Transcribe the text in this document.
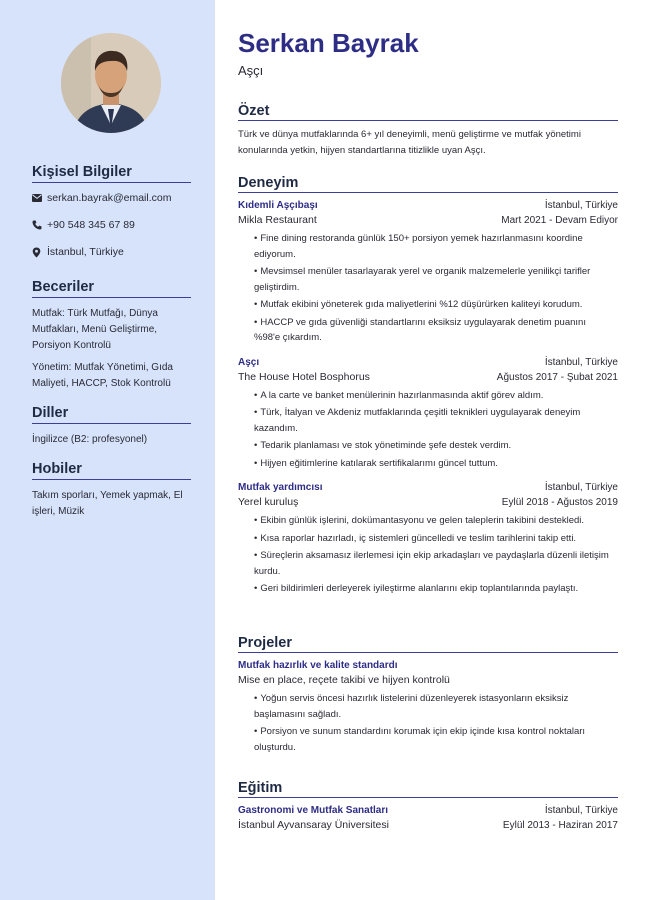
Kişisel Bilgiler
serkan.bayrak@email.com
+90 548 345 67 89
İstanbul, Türkiye
Beceriler
Mutfak: Türk Mutfağı, Dünya Mutfakları, Menü Geliştirme, Porsiyon Kontrolü
Yönetim: Mutfak Yönetimi, Gıda Maliyeti, HACCP, Stok Kontrolü
Diller
İngilizce (B2: profesyonel)
Hobiler
Takım sporları, Yemek yapmak, El işleri, Müzik
Serkan Bayrak
Aşçı
Özet
Türk ve dünya mutfaklarında 6+ yıl deneyimli, menü geliştirme ve mutfak yönetimi konularında yetkin, hijyen standartlarına titizlikle uyan Aşçı.
Deneyim
Kıdemli Aşçıbaşı	İstanbul, Türkiye
Mikla Restaurant	Mart 2021 - Devam Ediyor
• Fine dining restoranda günlük 150+ porsiyon yemek hazırlanmasını koordine ediyorum.
• Mevsimsel menüler tasarlayarak yerel ve organik malzemelerle yenilikçi tarifler geliştirdim.
• Mutfak ekibini yöneterek gıda maliyetlerini %12 düşürürken kaliteyi korudum.
• HACCP ve gıda güvenliği standartlarını eksiksiz uygulayarak denetim puanını %98'e çıkardım.
Aşçı	İstanbul, Türkiye
The House Hotel Bosphorus	Ağustos 2017 - Şubat 2021
• A la carte ve banket menülerinin hazırlanmasında aktif görev aldım.
• Türk, İtalyan ve Akdeniz mutfaklarında çeşitli teknikleri uygulayarak deneyim kazandım.
• Tedarik planlaması ve stok yönetiminde şefe destek verdim.
• Hijyen eğitimlerine katılarak sertifikalarımı güncel tuttum.
Mutfak yardımcısı	İstanbul, Türkiye
Yerel kuruluş	Eylül 2018 - Ağustos 2019
• Ekibin günlük işlerini, dokümantasyonu ve gelen taleplerin takibini destekledi.
• Kısa raporlar hazırladı, iç sistemleri güncelledi ve teslim tarihlerini takip etti.
• Süreçlerin aksamasız ilerlemesi için ekip arkadaşları ve paydaşlarla düzenli iletişim kurdu.
• Geri bildirimleri derleyerek iyileştirme alanlarını ekip toplantılarında paylaştı.
Projeler
Mutfak hazırlık ve kalite standardı
Mise en place, reçete takibi ve hijyen kontrolü
• Yoğun servis öncesi hazırlık listelerini düzenleyerek istasyonların eksiksiz başlamasını sağladı.
• Porsiyon ve sunum standardını korumak için ekip içinde kısa kontrol noktaları oluşturdu.
Eğitim
Gastronomi ve Mutfak Sanatları	İstanbul, Türkiye
İstanbul Ayvansaray Üniversitesi	Eylül 2013 - Haziran 2017
